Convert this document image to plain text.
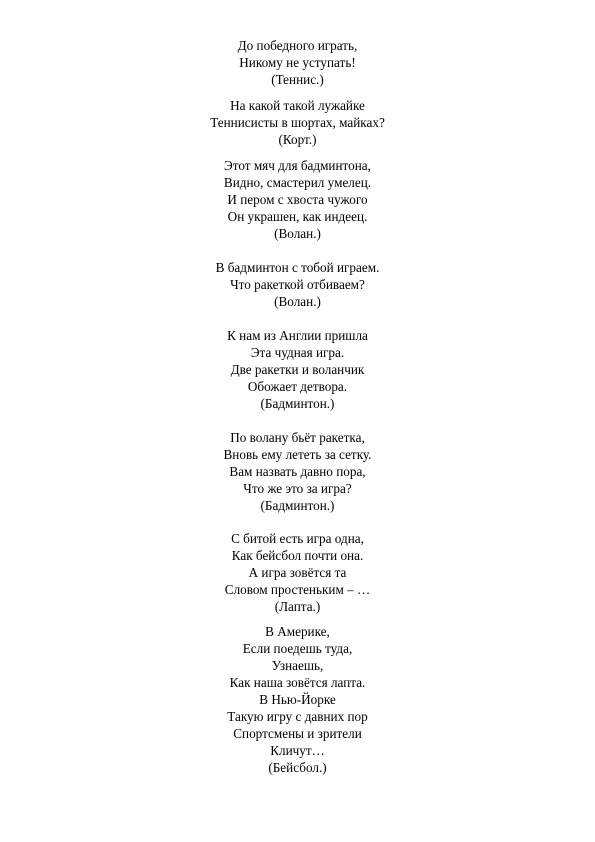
До победного играть,
Никому не уступать!
(Теннис.)
На какой такой лужайке
Теннисисты в шортах, майках?
(Корт.)
Этот мяч для бадминтона,
Видно, смастерил умелец.
И пером с хвоста чужого
Он украшен, как индеец.
(Волан.)
В бадминтон с тобой играем.
Что ракеткой отбиваем?
(Волан.)
К нам из Англии пришла
Эта чудная игра.
Две ракетки и воланчик
Обожает детвора.
(Бадминтон.)
По волану бьёт ракетка,
Вновь ему лететь за сетку.
Вам назвать давно пора,
Что же это за игра?
(Бадминтон.)
С битой есть игра одна,
Как бейсбол почти она.
А игра зовётся та
Словом простеньким – …
(Лапта.)
В Америке,
Если поедешь туда,
Узнаешь,
Как наша зовётся лапта.
В Нью-Йорке
Такую игру с давних пор
Спортсмены и зрители
Кличут…
(Бейсбол.)
